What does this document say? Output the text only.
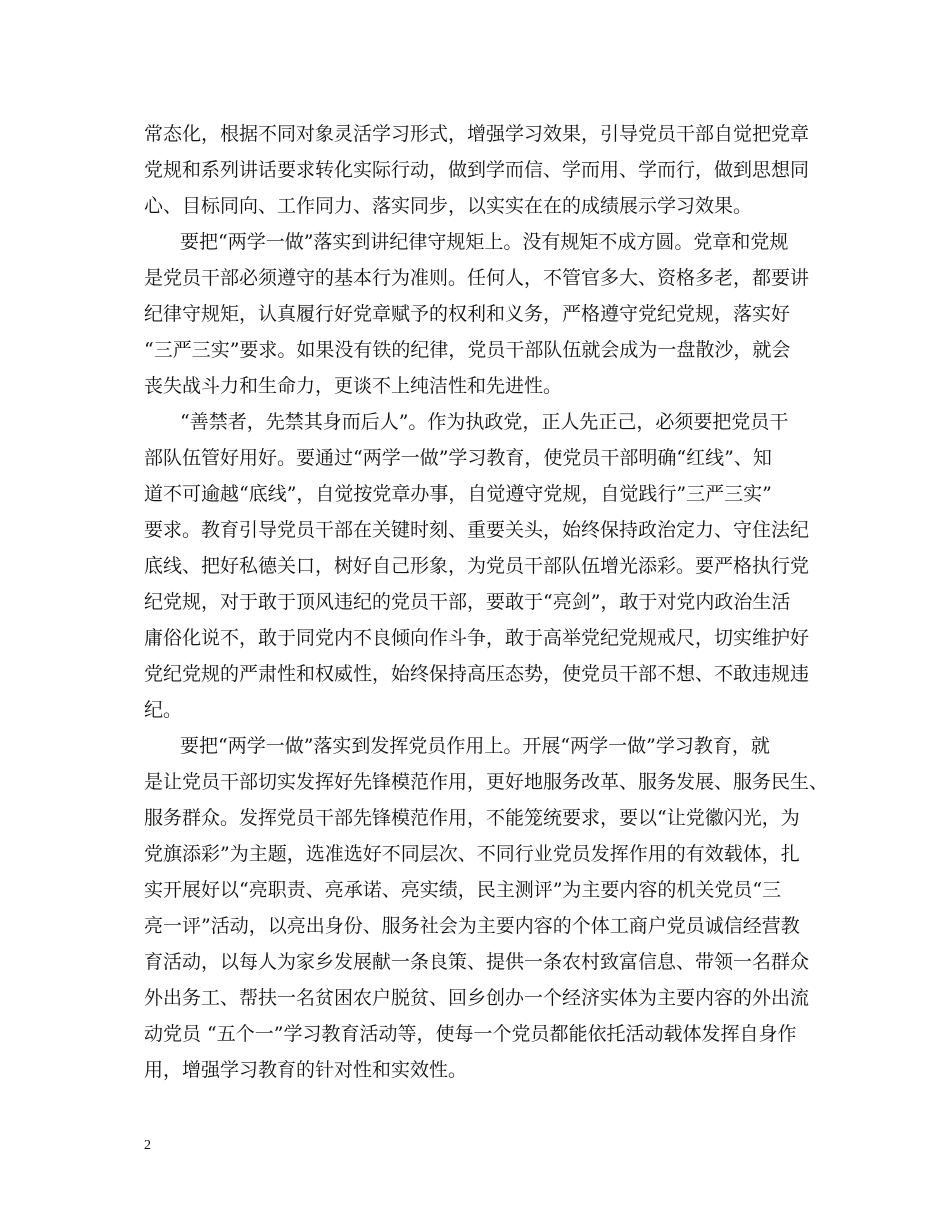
常态化，根据不同对象灵活学习形式，增强学习效果，引导党员干部自觉把党章
党规和系列讲话要求转化实际行动，做到学而信、学而用、学而行，做到思想同
心、目标同向、工作同力、落实同步，以实实在在的成绩展示学习效果。
要把“两学一做”落实到讲纪律守规矩上。没有规矩不成方圆。党章和党规
是党员干部必须遵守的基本行为准则。任何人，不管官多大、资格多老，都要讲
纪律守规矩，认真履行好党章赋予的权利和义务，严格遵守党纪党规，落实好
“三严三实”要求。如果没有铁的纪律，党员干部队伍就会成为一盘散沙，就会
丧失战斗力和生命力，更谈不上纯洁性和先进性。
“善禁者，先禁其身而后人”。作为执政党，正人先正己，必须要把党员干
部队伍管好用好。要通过“两学一做”学习教育，使党员干部明确“红线”、知
道不可逾越“底线”，自觉按党章办事，自觉遵守党规，自觉践行”三严三实”
要求。教育引导党员干部在关键时刻、重要关头，始终保持政治定力、守住法纪
底线、把好私德关口，树好自己形象，为党员干部队伍增光添彩。要严格执行党
纪党规，对于敢于顶风违纪的党员干部，要敢于“亮剑”，敢于对党内政治生活
庸俗化说不，敢于同党内不良倾向作斗争，敢于高举党纪党规戒尺，切实维护好
党纪党规的严肃性和权威性，始终保持高压态势，使党员干部不想、不敢违规违
纪。
要把“两学一做”落实到发挥党员作用上。开展“两学一做”学习教育，就
是让党员干部切实发挥好先锋模范作用，更好地服务改革、服务发展、服务民生、
服务群众。发挥党员干部先锋模范作用，不能笼统要求，要以“让党徽闪光，为
党旗添彩”为主题，选准选好不同层次、不同行业党员发挥作用的有效载体，扎
实开展好以“亮职责、亮承诺、亮实绩，民主测评”为主要内容的机关党员“三
亮一评”活动，以亮出身份、服务社会为主要内容的个体工商户党员诚信经营教
育活动，以每人为家乡发展献一条良策、提供一条农村致富信息、带领一名群众
外出务工、帮扶一名贫困农户脱贫、回乡创办一个经济实体为主要内容的外出流
动党员 “五个一”学习教育活动等，使每一个党员都能依托活动载体发挥自身作
用，增强学习教育的针对性和实效性。
2
